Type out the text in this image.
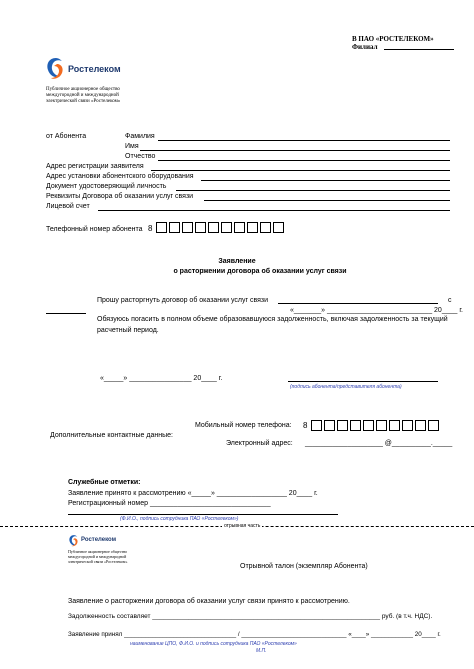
В ПАО «РОСТЕЛЕКОМ»
Филиал
Ростелеком
Публичное акционерное общество
междугородной и международной
электрической связи «Ростелеком»
от Абонента	Фамилия
Имя
Отчество
Адрес регистрации заявителя
Адрес установки абонентского оборудования
Документ удостоверяющий личность
Реквизиты Договора об оказании услуг связи
Лицевой счет
Телефонный номер абонента 8
Заявление
о расторжении договора об оказании услуг связи
Прошу расторгнуть договор об оказании услуг связи	с
«_______» ___________________________ 20____ г.
Обязуюсь погасить в полном объеме образовавшуюся задолженность, включая задолженность за текущий
расчетный период.
«_____» ________________ 20____ г.
(подпись абонента/представителя абонента)
Мобильный номер телефона: 8
Дополнительные контактные данные:
Электронный адрес: ____________________ @__________._____
Служебные отметки:
Заявление принято к рассмотрению «_____» __________________ 20____ г.
Регистрационный номер _______________________________
(Ф.И.О., подпись сотрудника ПАО «Ростелеком»)
отрывная часть
Ростелеком
Публичное акционерное общество
междугородной и международной
электрической связи «Ростелеком»
Отрывной талон (экземпляр Абонента)
Заявление о расторжении договора об оказании услуг связи принято к рассмотрению.
Задолженность составляет _______________________________________________________________ руб. (в т.ч. НДС).
Заявление принял ________________________________ / ______________________________ «____» ____________ 20____ г.
наименование ЦПО, Ф.И.О. и подпись сотрудника ПАО «Ростелеком»
М.П.
